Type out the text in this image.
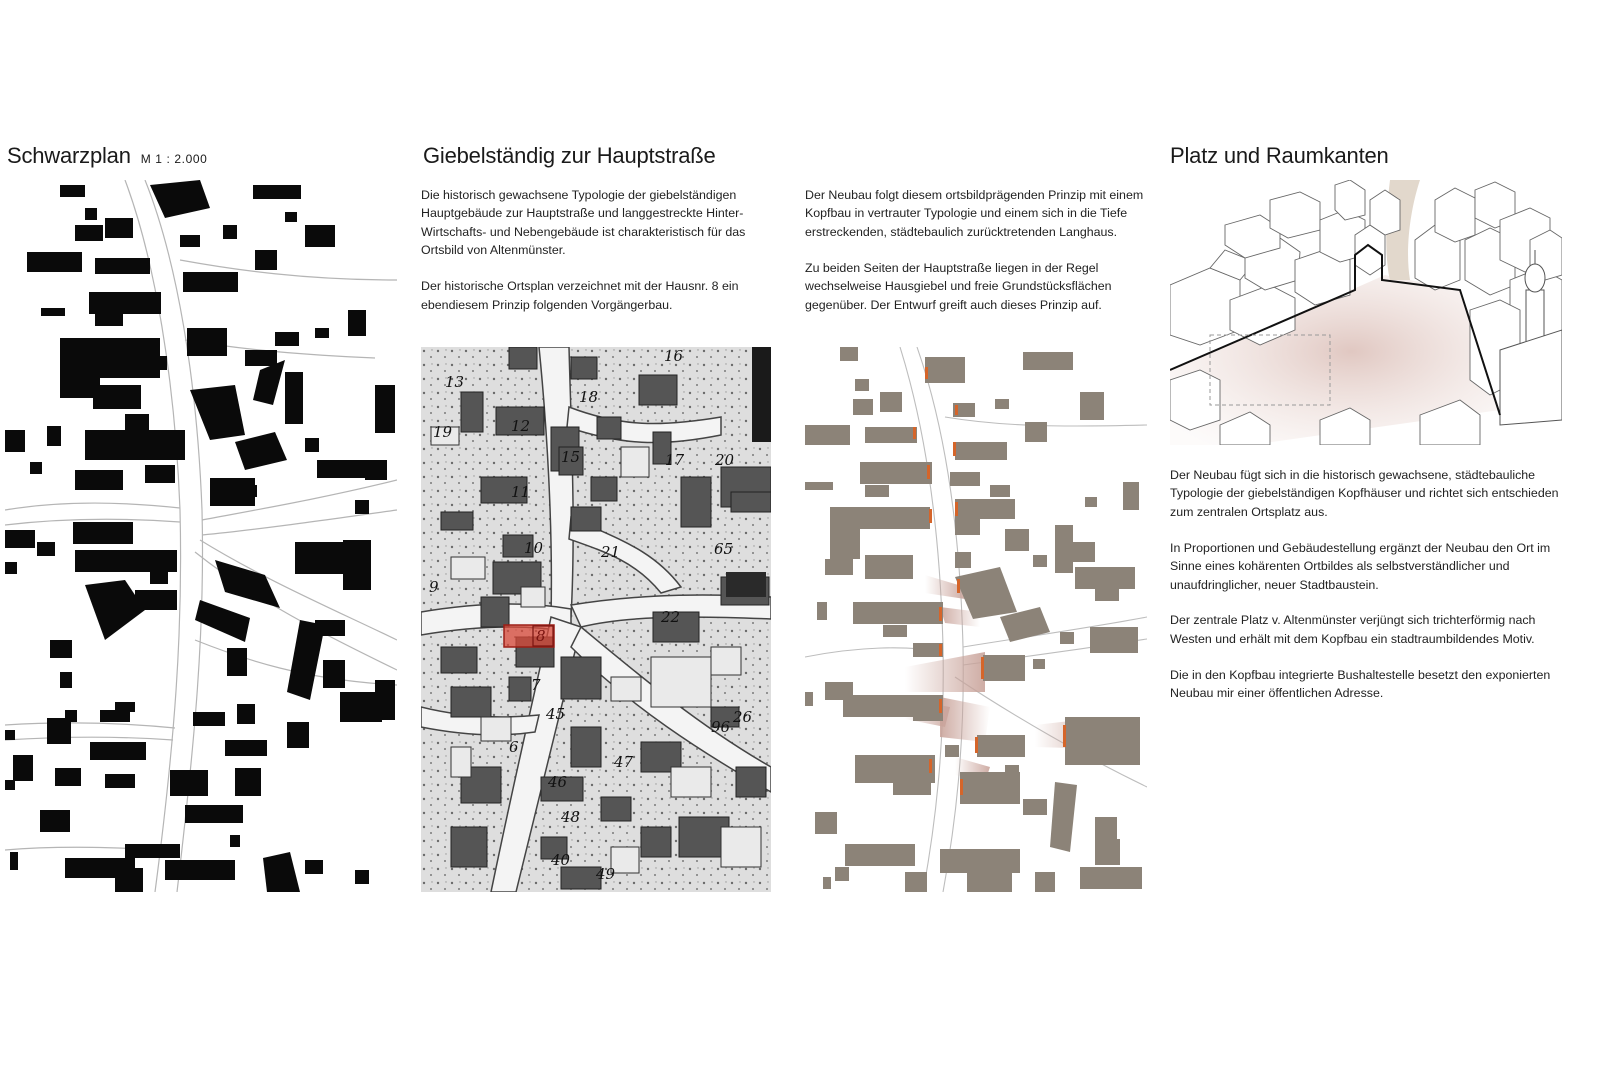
Schwarzplan M 1 : 2.000	Giebelständig zur Hauptstraße

Die historisch gewachsene Typologie der giebelständigen Hauptgebäude zur Hauptstraße und langgestreckte Hinter- Wirtschafts- und Nebengebäude ist charakteristisch für das Ortsbild von Altenmünster.

Der historische Ortsplan verzeichnet mit der Hausnr. 8 ein ebendiesem Prinzip folgenden Vorgängerbau.

13
18
16
19	12
15
11
17 20
10	21	65
9
8
22
7
6
47
26
46
48
49
40
45
96

Der Neubau folgt diesem ortsbildprägenden Prinzip mit einem Kopfbau in vertrauter Typologie und einem sich in die Tiefe erstreckenden, städtebaulich zurücktretenden Langhaus.

Zu beiden Seiten der Hauptstraße liegen in der Regel wechselweise Hausgiebel und freie Grundstücksflächen gegenüber. Der Entwurf greift auch dieses Prinzip auf.

Platz und Raumkanten

Der Neubau fügt sich in die historisch gewachsene, städtebauliche Typologie der giebelständigen Kopfhäuser und richtet sich entschieden zum zentralen Ortsplatz aus.

In Proportionen und Gebäudestellung ergänzt der Neubau den Ort im Sinne eines kohärenten Ortbildes als selbstverständlicher und unaufdringlicher, neuer Stadtbaustein.

Der zentrale Platz v. Altenmünster verjüngt sich trichterförmig nach Westen und erhält mit dem Kopfbau ein stadtraumbildendes Motiv.

Die in den Kopfbau integrierte Bushaltestelle besetzt den exponierten Neubau mir einer öffentlichen Adresse.
